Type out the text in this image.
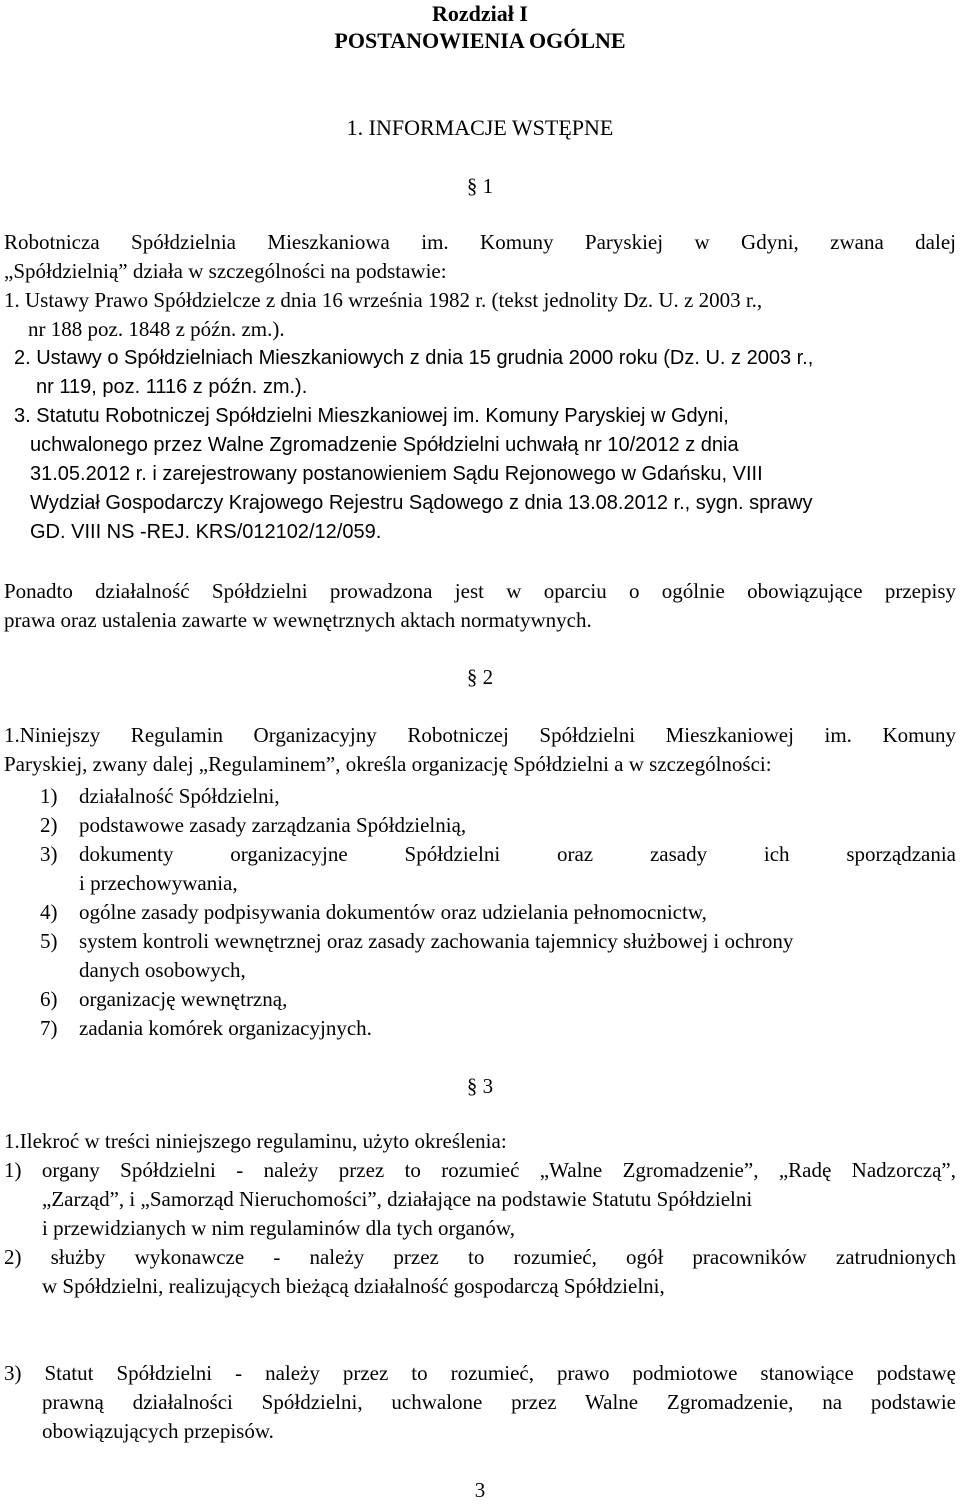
Rozdział I
POSTANOWIENIA OGÓLNE
1. INFORMACJE WSTĘPNE
§ 1
Robotnicza Spółdzielnia Mieszkaniowa im. Komuny Paryskiej w Gdyni, zwana dalej
„Spółdzielnią” działa w szczególności na podstawie:
1. Ustawy Prawo Spółdzielcze z dnia 16 września 1982 r. (tekst jednolity Dz. U. z 2003 r.,
nr 188 poz. 1848 z późn. zm.).
2. Ustawy o Spółdzielniach Mieszkaniowych z dnia 15 grudnia 2000 roku (Dz. U. z 2003 r.,
nr 119, poz. 1116 z późn. zm.).
3. Statutu Robotniczej Spółdzielni Mieszkaniowej im. Komuny Paryskiej w Gdyni,
uchwalonego przez Walne Zgromadzenie Spółdzielni uchwałą nr 10/2012 z dnia
31.05.2012 r. i zarejestrowany postanowieniem Sądu Rejonowego w Gdańsku, VIII
Wydział Gospodarczy Krajowego Rejestru Sądowego z dnia 13.08.2012 r., sygn. sprawy
GD. VIII NS -REJ. KRS/012102/12/059.
Ponadto działalność Spółdzielni prowadzona jest w oparciu o ogólnie obowiązujące przepisy
prawa oraz ustalenia zawarte w wewnętrznych aktach normatywnych.
§ 2
1.Niniejszy Regulamin Organizacyjny Robotniczej Spółdzielni Mieszkaniowej im. Komuny
Paryskiej, zwany dalej „Regulaminem”, określa organizację Spółdzielni a w szczególności:
1) działalność Spółdzielni,
2) podstawowe zasady zarządzania Spółdzielnią,
3) dokumenty organizacyjne Spółdzielni oraz zasady ich sporządzania
i przechowywania,
4) ogólne zasady podpisywania dokumentów oraz udzielania pełnomocnictw,
5) system kontroli wewnętrznej oraz zasady zachowania tajemnicy służbowej i ochrony
danych osobowych,
6) organizację wewnętrzną,
7) zadania komórek organizacyjnych.
§ 3
1.Ilekroć w treści niniejszego regulaminu, użyto określenia:
1) organy Spółdzielni - należy przez to rozumieć „Walne Zgromadzenie”, „Radę Nadzorczą”,
„Zarząd”, i „Samorząd Nieruchomości”, działające na podstawie Statutu Spółdzielni
i przewidzianych w nim regulaminów dla tych organów,
2) służby wykonawcze - należy przez to rozumieć, ogół pracowników zatrudnionych
w Spółdzielni, realizujących bieżącą działalność gospodarczą Spółdzielni,
3) Statut Spółdzielni - należy przez to rozumieć, prawo podmiotowe stanowiące podstawę
prawną działalności Spółdzielni, uchwalone przez Walne Zgromadzenie, na podstawie
obowiązujących przepisów.
3
